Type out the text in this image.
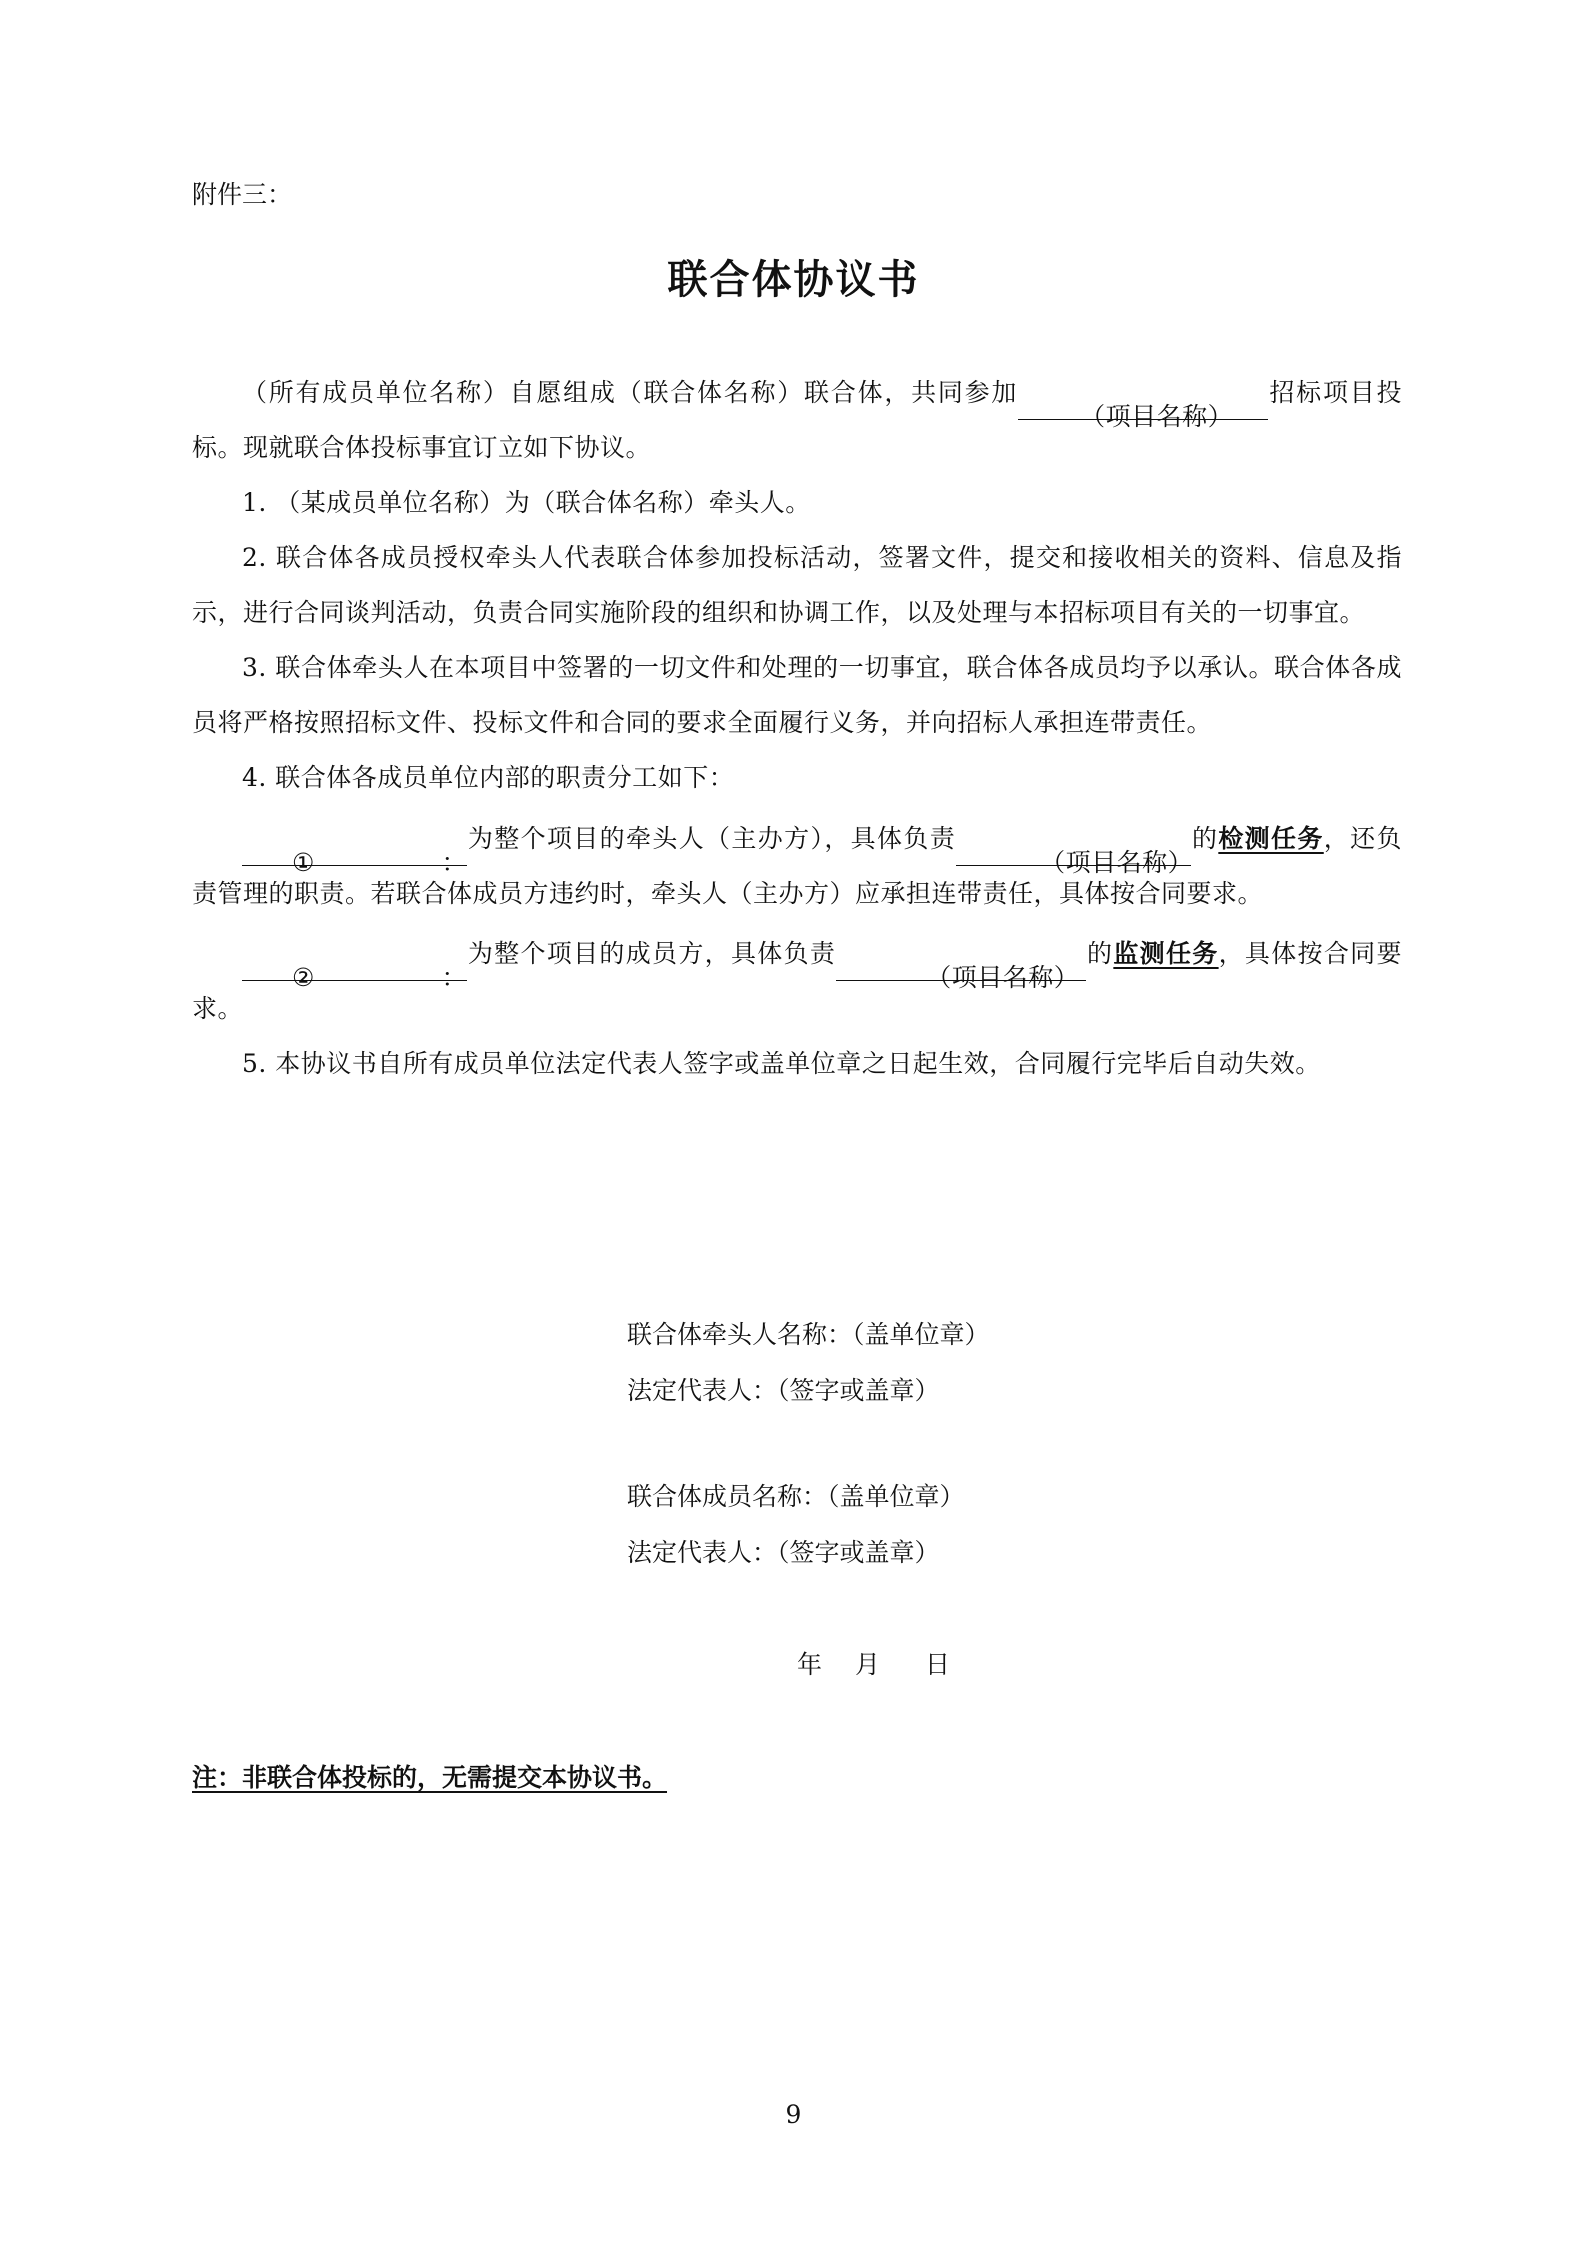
附件三：
联合体协议书

（所有成员单位名称）自愿组成（联合体名称）联合体，共同参加（项目名称）招标项目投标。现就联合体投标事宜订立如下协议。

1. （某成员单位名称）为（联合体名称）牵头人。

2. 联合体各成员授权牵头人代表联合体参加投标活动，签署文件，提交和接收相关的资料、信息及指示，进行合同谈判活动，负责合同实施阶段的组织和协调工作，以及处理与本招标项目有关的一切事宜。

3. 联合体牵头人在本项目中签署的一切文件和处理的一切事宜，联合体各成员均予以承认。联合体各成员将严格按照招标文件、投标文件和合同的要求全面履行义务，并向招标人承担连带责任。

4. 联合体各成员单位内部的职责分工如下：

①	：
为整个项目的牵头人（主办方），具体负责（项目名称）的检测任务，还负责管理的职责。若联合体成员方违约时，牵头人（主办方）应承担连带责任，具体按合同要求。

②	：
为整个项目的成员方，具体负责（项目名称）的监测任务，具体按合同要求。

5. 本协议书自所有成员单位法定代表人签字或盖单位章之日起生效，合同履行完毕后自动失效。

联合体牵头人名称：（盖单位章）
法定代表人：（签字或盖章）
联合体成员名称：（盖单位章）
法定代表人：（签字或盖章）
年 月 日
注：非联合体投标的，无需提交本协议书。
9
